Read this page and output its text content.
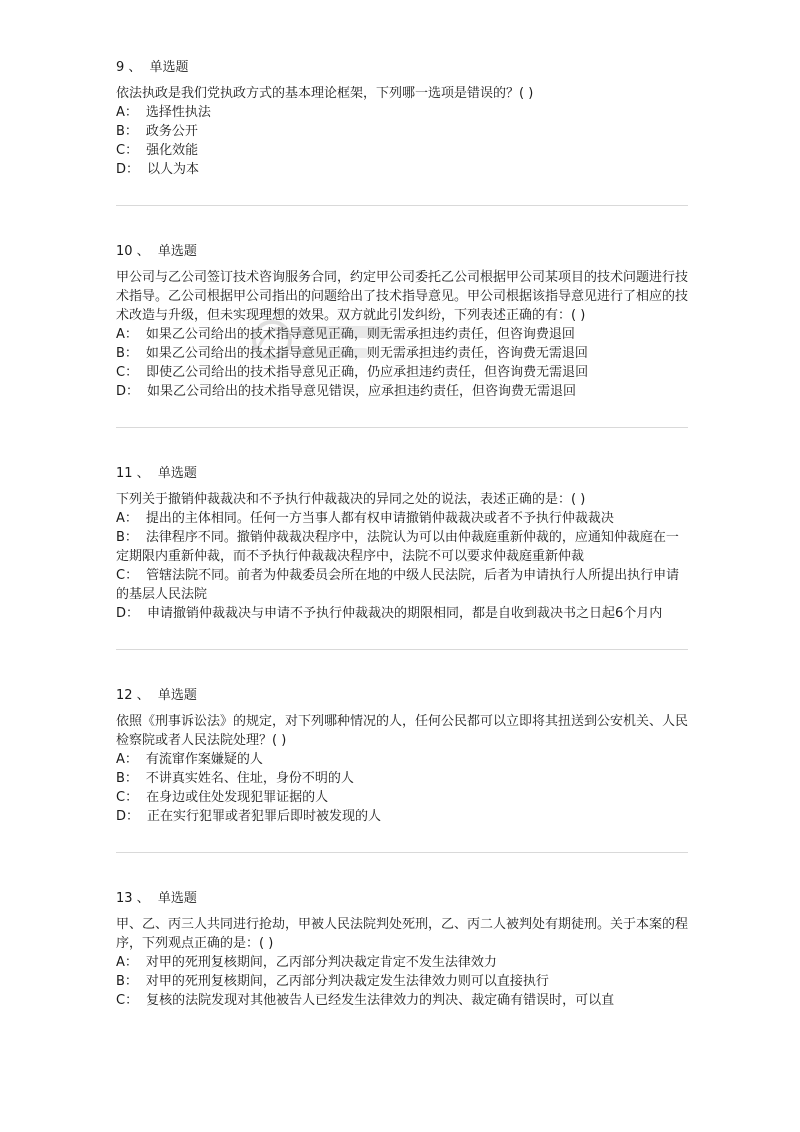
9 、 单选题
依法执政是我们党执政方式的基本理论框架，下列哪一选项是错误的？( )
A： 选择性执法
B： 政务公开
C： 强化效能
D： 以人为本
10 、 单选题
甲公司与乙公司签订技术咨询服务合同，约定甲公司委托乙公司根据甲公司某项目的技术问题进行技术指导。乙公司根据甲公司指出的问题给出了技术指导意见。甲公司根据该指导意见进行了相应的技术改造与升级，但未实现理想的效果。双方就此引发纠纷，下列表述正确的有：( )
A： 如果乙公司给出的技术指导意见正确，则无需承担违约责任，但咨询费退回
B： 如果乙公司给出的技术指导意见正确，则无需承担违约责任，咨询费无需退回
C： 即使乙公司给出的技术指导意见正确，仍应承担违约责任，但咨询费无需退回
D： 如果乙公司给出的技术指导意见错误，应承担违约责任，但咨询费无需退回
11 、 单选题
下列关于撤销仲裁裁决和不予执行仲裁裁决的异同之处的说法，表述正确的是：( )
A： 提出的主体相同。任何一方当事人都有权申请撤销仲裁裁决或者不予执行仲裁裁决
B： 法律程序不同。撤销仲裁裁决程序中，法院认为可以由仲裁庭重新仲裁的，应通知仲裁庭在一定期限内重新仲裁，而不予执行仲裁裁决程序中，法院不可以要求仲裁庭重新仲裁
C： 管辖法院不同。前者为仲裁委员会所在地的中级人民法院，后者为申请执行人所提出执行申请的基层人民法院
D： 申请撤销仲裁裁决与申请不予执行仲裁裁决的期限相同，都是自收到裁决书之日起6个月内
12 、 单选题
依照《刑事诉讼法》的规定，对下列哪种情况的人，任何公民都可以立即将其扭送到公安机关、人民检察院或者人民法院处理？( )
A： 有流窜作案嫌疑的人
B： 不讲真实姓名、住址，身份不明的人
C： 在身边或住处发现犯罪证据的人
D： 正在实行犯罪或者犯罪后即时被发现的人
13 、 单选题
甲、乙、丙三人共同进行抢劫，甲被人民法院判处死刑，乙、丙二人被判处有期徒刑。关于本案的程序，下列观点正确的是：( )
A： 对甲的死刑复核期间，乙丙部分判决裁定肯定不发生法律效力
B： 对甲的死刑复核期间，乙丙部分判决裁定发生法律效力则可以直接执行
C： 复核的法院发现对其他被告人已经发生法律效力的判决、裁定确有错误时，可以直
